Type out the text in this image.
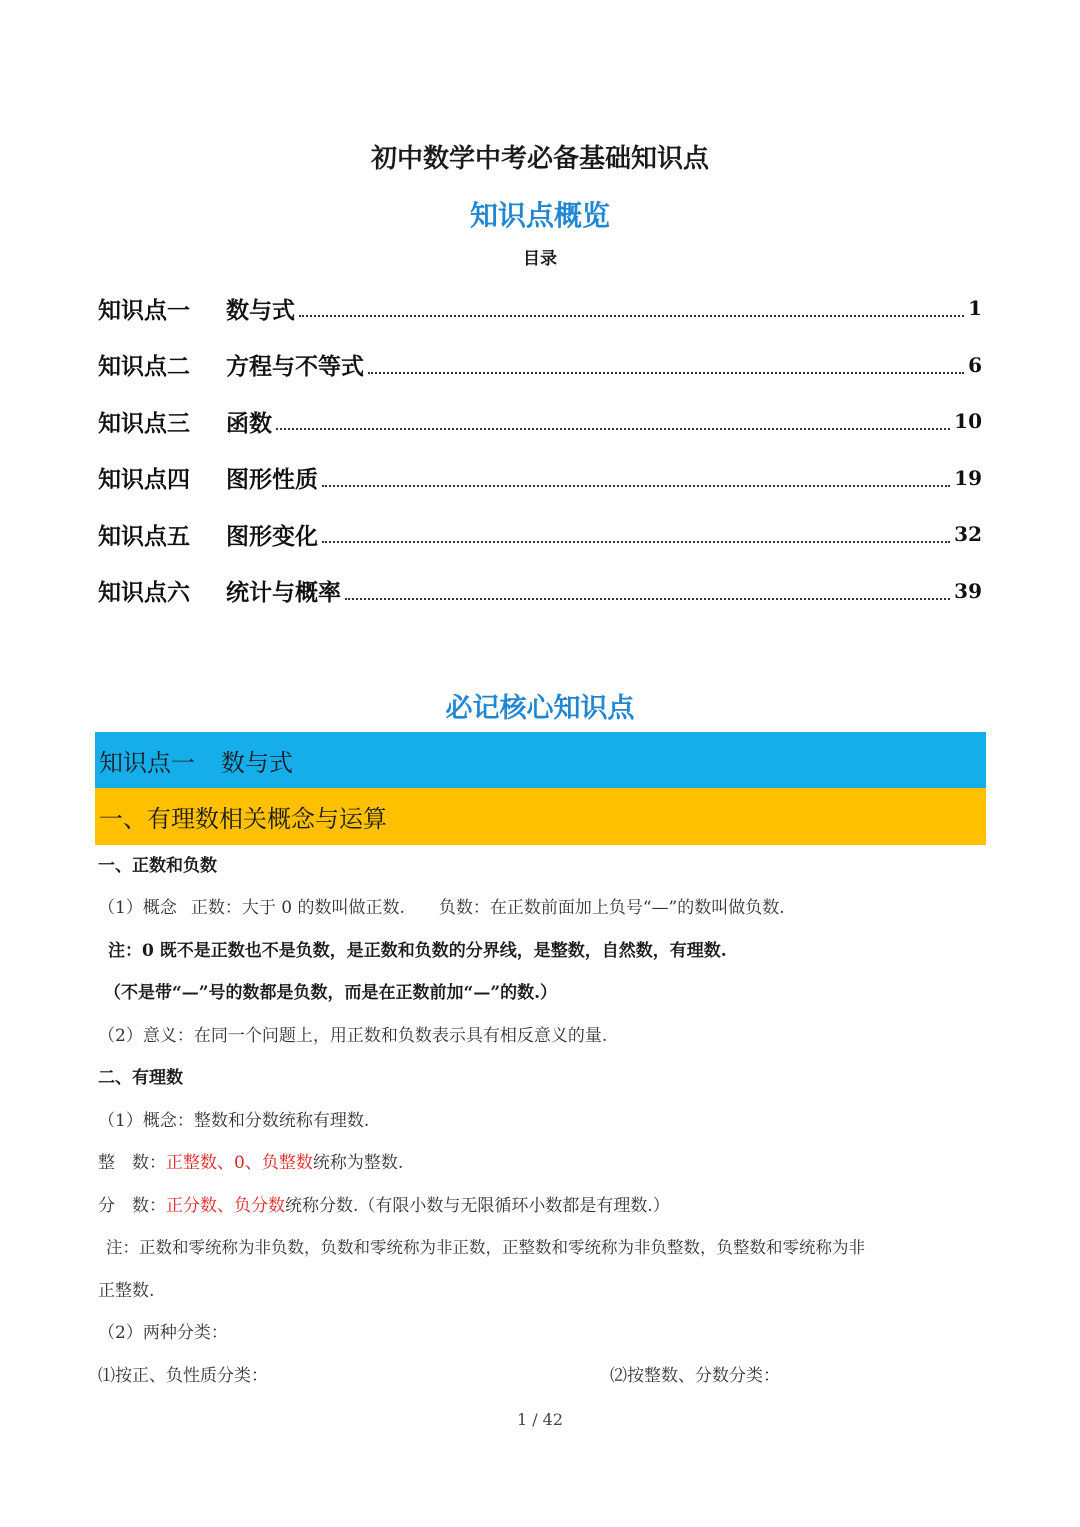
初中数学中考必备基础知识点
知识点概览
目录
知识点一	数与式	1
知识点二	方程与不等式	6
知识点三	函数	10
知识点四	图形性质	19
知识点五	图形变化	32
知识点六	统计与概率	39
必记核心知识点
知识点一 数与式
一、有理数相关概念与运算
一、正数和负数
（1）概念 正数：大于 0 的数叫做正数. 负数：在正数前面加上负号“—”的数叫做负数.
注：0 既不是正数也不是负数，是正数和负数的分界线，是整数，自然数，有理数.
（不是带“—”号的数都是负数，而是在正数前加“—”的数.）
（2）意义：在同一个问题上，用正数和负数表示具有相反意义的量.
二、有理数
（1）概念：整数和分数统称有理数.
整　数：正整数、0、负整数统称为整数.
分　数：正分数、负分数统称分数.（有限小数与无限循环小数都是有理数.）
注：正数和零统称为非负数，负数和零统称为非正数，正整数和零统称为非负整数，负整数和零统称为非
正整数.
（2）两种分类：
⑴按正、负性质分类：	⑵按整数、分数分类：
1 / 42
